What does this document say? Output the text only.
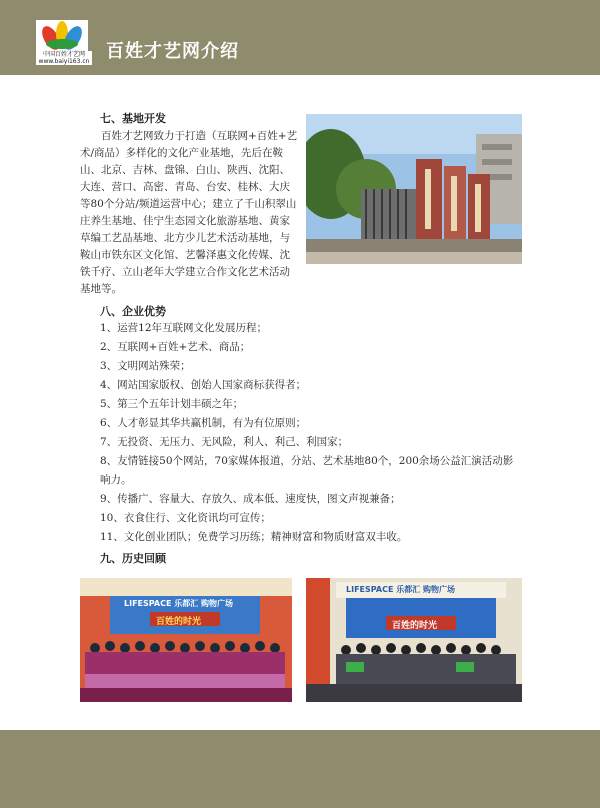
中国百姓才艺网
www.baiyi163.cn 百姓才艺网介绍
七、基地开发
百姓才艺网致力于打造（互联网+百姓+艺术/商品）多样化的文化产业基地，先后在鞍山、北京、吉林、盘锦、白山、陕西、沈阳、大连、营口、高密、青岛、台安、桂林、大庆等80个分站/频道运营中心；建立了千山积翠山庄养生基地、佳宁生态园文化旅游基地、黄家草编工艺品基地、北方少儿艺术活动基地，与鞍山市铁东区文化馆、艺馨泽惠文化传媒、沈铁千疗、立山老年大学建立合作文化艺术活动基地等。
八、企业优势
1、运营12年互联网文化发展历程；
2、互联网+百姓+艺术、商品；
3、文明网站殊荣；
4、网站国家版权、创始人国家商标获得者；
5、第三个五年计划丰硕之年；
6、人才彰显其华共赢机制，有为有位原则；
7、无投资、无压力、无风险，利人、利己、利国家；
8、友情链接50个网站，70家媒体报道，分站、艺术基地80个，200余场公益汇演活动影响力。
9、传播广、容量大、存放久、成本低、速度快，图文声视兼备；
10、衣食住行、文化资讯均可宣传；
11、文化创业团队；免费学习历练；精神财富和物质财富双丰收。
九、历史回顾
LIFESPACE 乐都汇 购物广场
百姓的时光
LIFESPACE 乐都汇 购物广场
百姓的时光
